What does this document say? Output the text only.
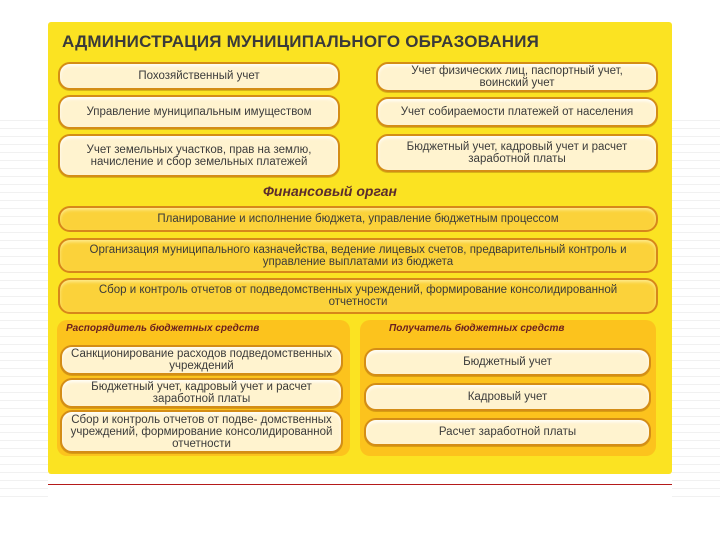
АДМИНИСТРАЦИЯ МУНИЦИПАЛЬНОГО ОБРАЗОВАНИЯ
Похозяйственный учет
Управление муниципальным имуществом
Учет земельных участков, прав на землю, начисление и сбор земельных платежей
Учет физических лиц, паспортный учет, воинский учет
Учет собираемости платежей от населения
Бюджетный учет, кадровый учет и расчет заработной платы
Финансовый орган
Планирование и исполнение бюджета, управление бюджетным процессом
Организация муниципального казначейства, ведение лицевых счетов, предварительный контроль и управление выплатами из бюджета
Сбор и контроль отчетов от подведомственных учреждений, формирование консолидированной отчетности
Распорядитель бюджетных средств
Санкционирование расходов подведомственных учреждений
Бюджетный учет, кадровый учет и расчет заработной платы
Сбор и контроль отчетов от подве- домственных учреждений, формирование консолидированной отчетности
Получатель бюджетных средств
Бюджетный учет
Кадровый учет
Расчет заработной платы
